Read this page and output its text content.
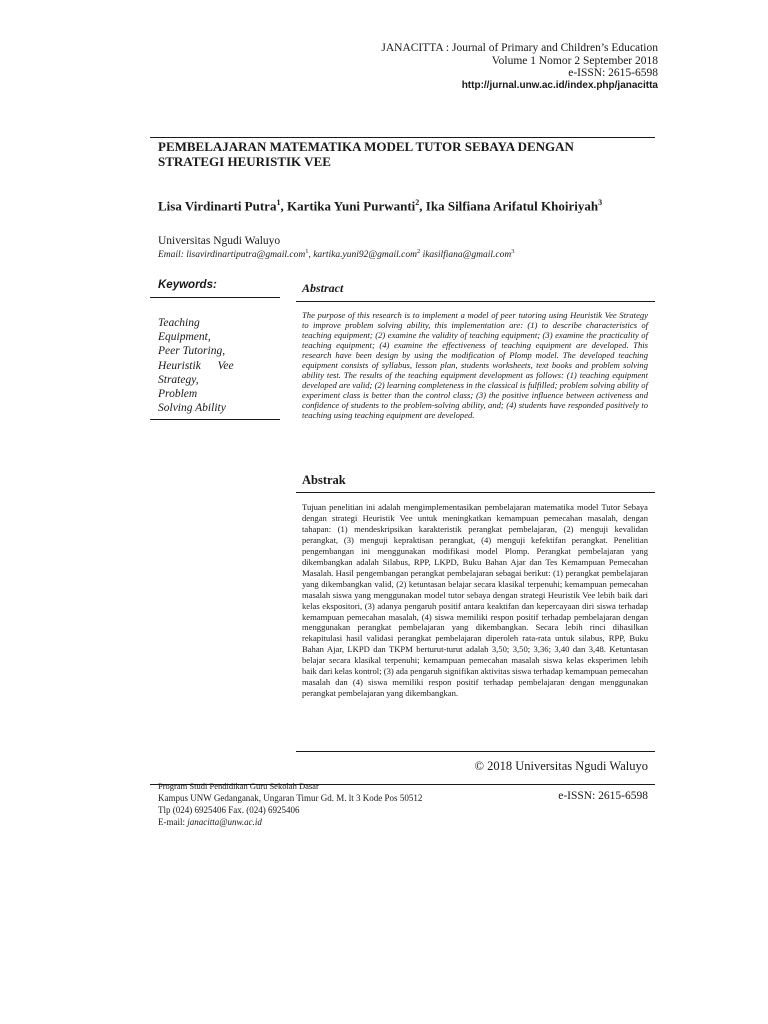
JANACITTA : Journal of Primary and Children’s Education
Volume 1 Nomor 2 September 2018
e-ISSN: 2615-6598
http://jurnal.unw.ac.id/index.php/janacitta
PEMBELAJARAN MATEMATIKA MODEL TUTOR SEBAYA DENGAN STRATEGI HEURISTIK VEE
Lisa Virdinarti Putra$^1$, Kartika Yuni Purwanti$^2$, Ika Silfiana Arifatul Khoiriyah$^3$
Universitas Ngudi Waluyo
Email: lisavirdinartiputra@gmail.com$^1$, kartika.yuni92@gmail.com$^2$ ikasilfiana@gmail.com$^3$
Keywords:
Teaching
Equipment,
Peer Tutoring,
Heuristik Vee
Strategy,
Problem
Solving Ability
Abstract
The purpose of this research is to implement a model of peer tutoring using Heuristik Vee Strategy to improve problem solving ability, this implementation are: (1) to describe characteristics of teaching equipment; (2) examine the validity of teaching equipment; (3) examine the practicality of teaching equipment; (4) examine the effectiveness of teaching equipment are developed. This research have been design by using the modification of Plomp model. The developed teaching equipment consists of syllabus, lesson plan, students worksheets, text books and problem solving ability test. The results of the teaching equipment development as follows: (1) teaching equipment developed are valid; (2) learning completeness in the classical is fulfilled; problem solving ability of experiment class is better than the control class; (3) the positive influence between activeness and confidence of students to the problem-solving ability, and; (4) students have responded positively to teaching using teaching equipment are developed.
Abstrak
Tujuan penelitian ini adalah mengimplementasikan pembelajaran matematika model Tutor Sebaya dengan strategi Heuristik Vee untuk meningkatkan kemampuan pemecahan masalah, dengan tahapan: (1) mendeskripsikan karakteristik perangkat pembelajaran, (2) menguji kevalidan perangkat, (3) menguji kepraktisan perangkat, (4) menguji kefektifan perangkat. Penelitian pengembangan ini menggunakan modifikasi model Plomp. Perangkat pembelajaran yang dikembangkan adalah Silabus, RPP, LKPD, Buku Bahan Ajar dan Tes Kemampuan Pemecahan Masalah. Hasil pengembangan perangkat pembelajaran sebagai berikut: (1) perangkat pembelajaran yang dikembangkan valid, (2) ketuntasan belajar secara klasikal terpenuhi; kemampuan pemecahan masalah siswa yang menggunakan model tutor sebaya dengan strategi Heuristik Vee lebih baik dari kelas ekspositori, (3) adanya pengaruh positif antara keaktifan dan kepercayaan diri siswa terhadap kemampuan pemecahan masalah, (4) siswa memiliki respon positif terhadap pembelajaran dengan menggunakan perangkat pembelajaran yang dikembangkan. Secara lebih rinci dihasilkan rekapitulasi hasil validasi perangkat pembelajaran diperoleh rata-rata untuk silabus, RPP, Buku Bahan Ajar, LKPD dan TKPM berturut-turut adalah 3,50; 3,50; 3,36; 3,40 dan 3,48. Ketuntasan belajar secara klasikal terpenuhi; kemampuan pemecahan masalah siswa kelas eksperimen lebih baik dari kelas kontrol; (3) ada pengaruh signifikan aktivitas siswa terhadap kemampuan pemecahan masalah dan (4) siswa memiliki respon positif terhadap pembelajaran dengan menggunakan perangkat pembelajaran yang dikembangkan.
© 2018 Universitas Ngudi Waluyo
Program Studi Pendidikan Guru Sekolah Dasar
Kampus UNW Gedanganak, Ungaran Timur Gd. M. lt 3 Kode Pos 50512
Tlp (024) 6925406 Fax. (024) 6925406
E-mail: janacitta@unw.ac.id
e-ISSN: 2615-6598
